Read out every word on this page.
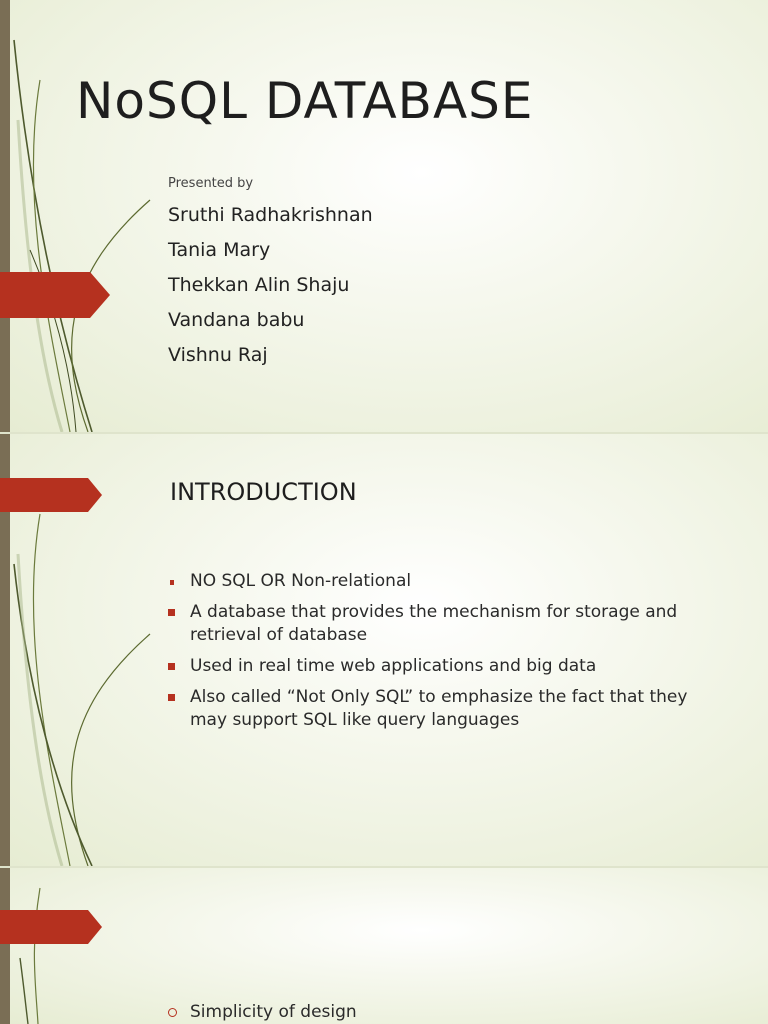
NoSQL DATABASE
Presented by
Sruthi Radhakrishnan
Tania Mary
Thekkan Alin Shaju
Vandana babu
Vishnu Raj
INTRODUCTION
NO SQL OR Non-relational
A database that provides the mechanism for storage and retrieval of database
Used in real time web applications and big data
Also called “Not Only SQL” to emphasize the fact that they may support SQL like query languages
Simplicity of design
